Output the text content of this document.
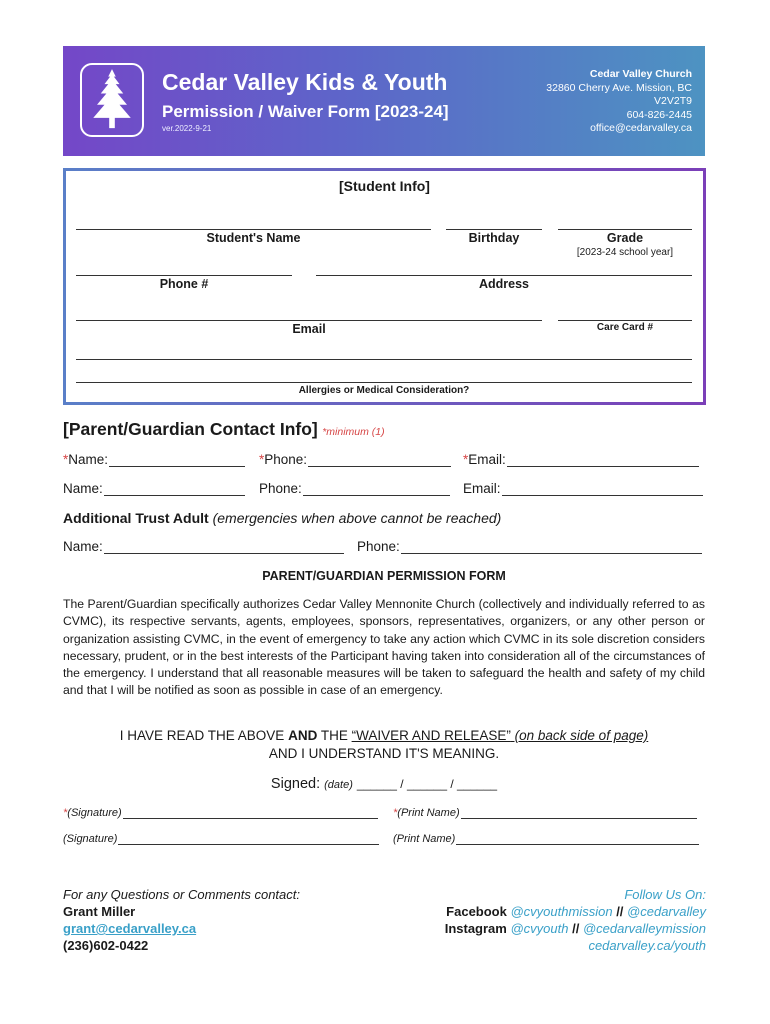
Cedar Valley Kids & Youth
Permission / Waiver Form [2023-24]
ver.2022-9-21
Cedar Valley Church
32860 Cherry Ave. Mission, BC
V2V2T9
604-826-2445
office@cedarvalley.ca
[Student Info]
Student's Name	Birthday	Grade
[2023-24 school year]
Phone #	Address
Email	Care Card #
Allergies or Medical Consideration?
[Parent/Guardian Contact Info] *minimum (1)
* Name:	* Phone:	* Email:
Name:	Phone:	Email:
Additional Trust Adult
(emergencies when above cannot be reached)
Name:	Phone:
PARENT/GUARDIAN PERMISSION FORM
The Parent/Guardian specifically authorizes Cedar Valley Mennonite Church (collectively and individually referred to as CVMC), its respective servants, agents, employees, sponsors, representatives, organizers, or any other person or organization assisting CVMC, in the event of emergency to take any action which CVMC in its sole discretion considers necessary, prudent, or in the best interests of the Participant having taken into consideration all of the circumstances of the emergency. I understand that all reasonable measures will be taken to safeguard the health and safety of my child and that I will be notified as soon as possible in case of an emergency.
I HAVE READ THE ABOVE AND THE “WAIVER AND RELEASE” (on back side of page)
AND I UNDERSTAND IT'S MEANING.
Signed: (date) ______ / ______ / ______
* (Signature)	* (Print Name)
(Signature)	(Print Name)
For any Questions or Comments contact:
Grant Miller
grant@cedarvalley.ca
(236)602-0422
Follow Us On:
Facebook @cvyouthmission // @cedarvalley
Instagram @cvyouth // @cedarvalleymission
cedarvalley.ca/youth
